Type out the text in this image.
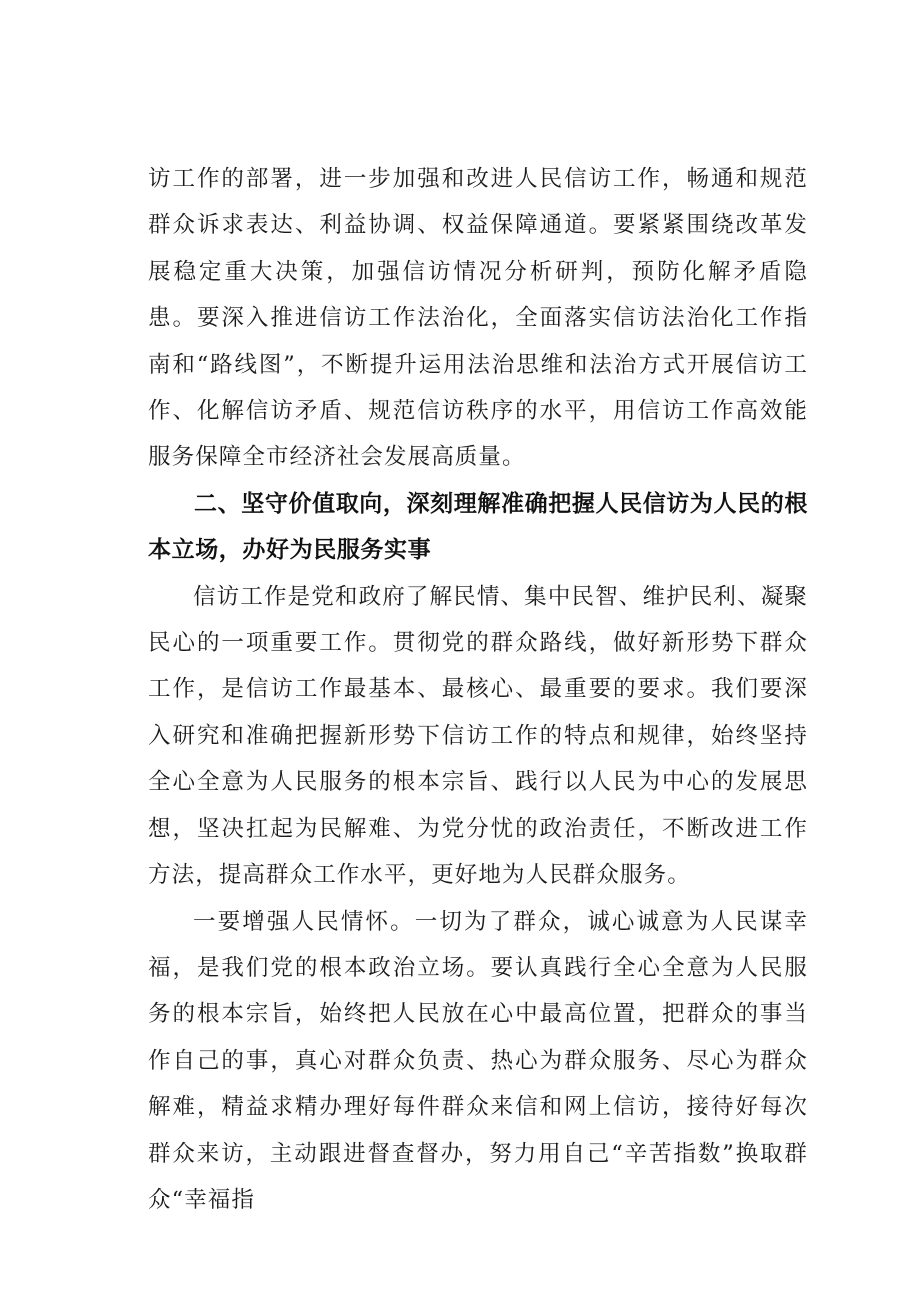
访工作的部署，进一步加强和改进人民信访工作，畅通和规范群众诉求表达、利益协调、权益保障通道。要紧紧围绕改革发展稳定重大决策，加强信访情况分析研判，预防化解矛盾隐患。要深入推进信访工作法治化，全面落实信访法治化工作指南和“路线图”，不断提升运用法治思维和法治方式开展信访工作、化解信访矛盾、规范信访秩序的水平，用信访工作高效能服务保障全市经济社会发展高质量。

二、坚守价值取向，深刻理解准确把握人民信访为人民的根本立场，办好为民服务实事

信访工作是党和政府了解民情、集中民智、维护民利、凝聚民心的一项重要工作。贯彻党的群众路线，做好新形势下群众工作，是信访工作最基本、最核心、最重要的要求。我们要深入研究和准确把握新形势下信访工作的特点和规律，始终坚持全心全意为人民服务的根本宗旨、践行以人民为中心的发展思想，坚决扛起为民解难、为党分忧的政治责任，不断改进工作方法，提高群众工作水平，更好地为人民群众服务。

一要增强人民情怀。一切为了群众，诚心诚意为人民谋幸福，是我们党的根本政治立场。要认真践行全心全意为人民服务的根本宗旨，始终把人民放在心中最高位置，把群众的事当作自己的事，真心对群众负责、热心为群众服务、尽心为群众解难，精益求精办理好每件群众来信和网上信访，接待好每次群众来访，主动跟进督查督办，努力用自己“辛苦指数”换取群众“幸福指
